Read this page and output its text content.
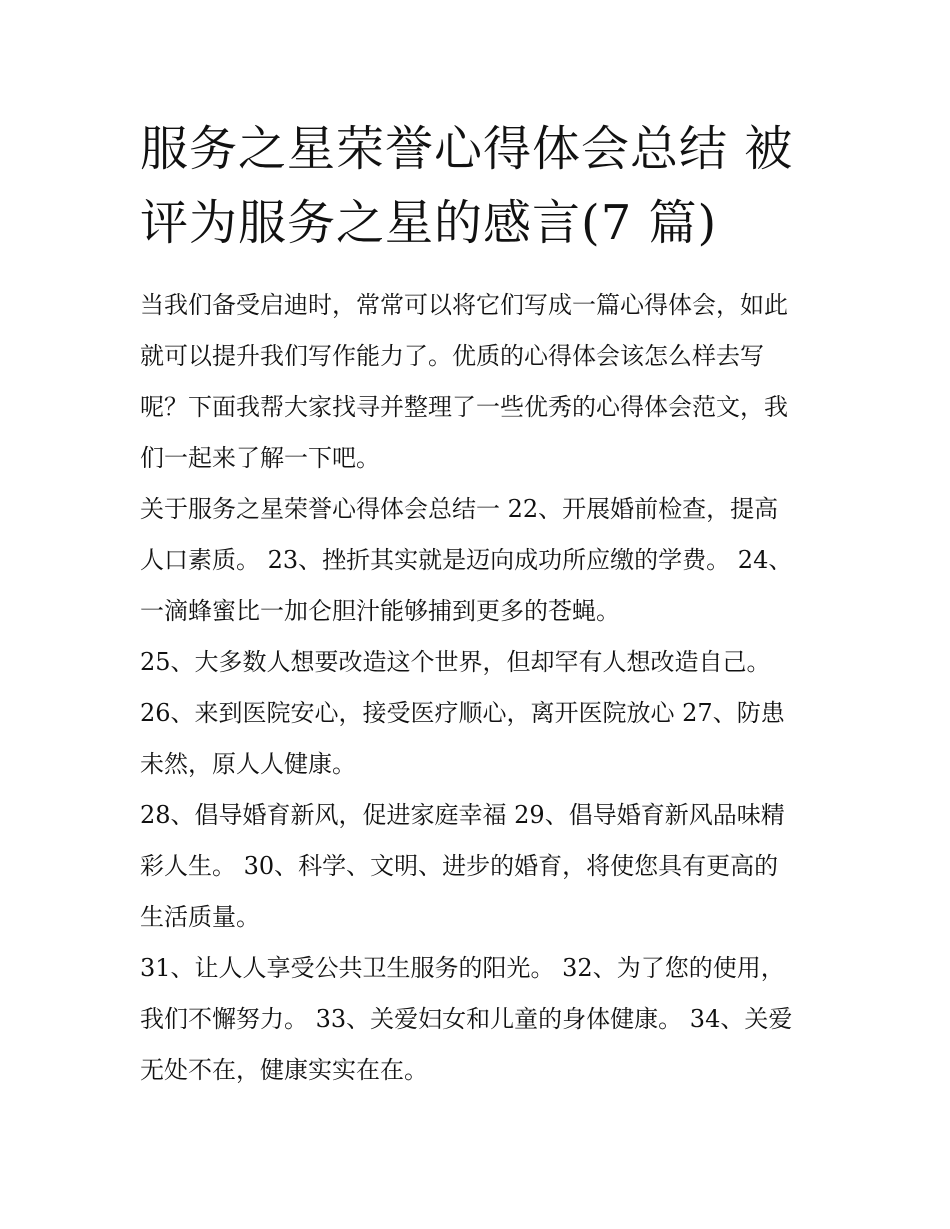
服务之星荣誉心得体会总结 被
评为服务之星的感言(7 篇)
当我们备受启迪时，常常可以将它们写成一篇心得体会，如此
就可以提升我们写作能力了。优质的心得体会该怎么样去写
呢？下面我帮大家找寻并整理了一些优秀的心得体会范文，我
们一起来了解一下吧。
关于服务之星荣誉心得体会总结一 22、开展婚前检查，提高
人口素质。 23、挫折其实就是迈向成功所应缴的学费。 24、
一滴蜂蜜比一加仑胆汁能够捕到更多的苍蝇。
25、大多数人想要改造这个世界，但却罕有人想改造自己。
26、来到医院安心，接受医疗顺心，离开医院放心 27、防患
未然，原人人健康。
28、倡导婚育新风，促进家庭幸福 29、倡导婚育新风品味精
彩人生。 30、科学、文明、进步的婚育，将使您具有更高的
生活质量。
31、让人人享受公共卫生服务的阳光。 32、为了您的使用，
我们不懈努力。 33、关爱妇女和儿童的身体健康。 34、关爱
无处不在，健康实实在在。
